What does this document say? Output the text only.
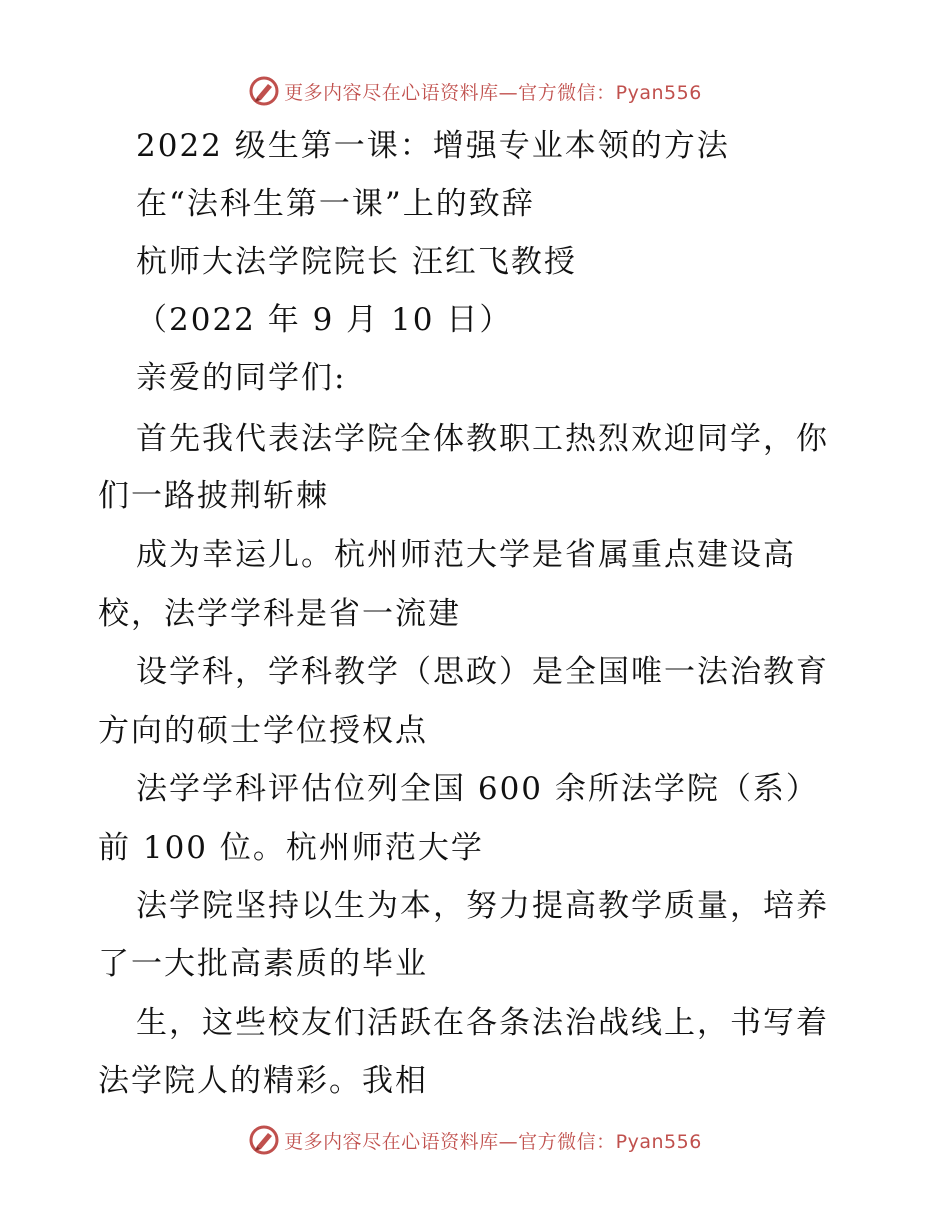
更多内容尽在心语资料库—官方微信：Pyan556
2022 级生第一课：增强专业本领的方法
在“法科生第一课”上的致辞
杭师大法学院院长 汪红飞教授
（2022 年 9 月 10 日）
亲爱的同学们:
首先我代表法学院全体教职工热烈欢迎同学，你
们一路披荆斩棘
成为幸运儿。杭州师范大学是省属重点建设高
校，法学学科是省一流建
设学科，学科教学（思政）是全国唯一法治教育
方向的硕士学位授权点
法学学科评估位列全国 600 余所法学院（系）
前 100 位。杭州师范大学
法学院坚持以生为本，努力提高教学质量，培养
了一大批高素质的毕业
生，这些校友们活跃在各条法治战线上，书写着
法学院人的精彩。我相
更多内容尽在心语资料库—官方微信：Pyan556
